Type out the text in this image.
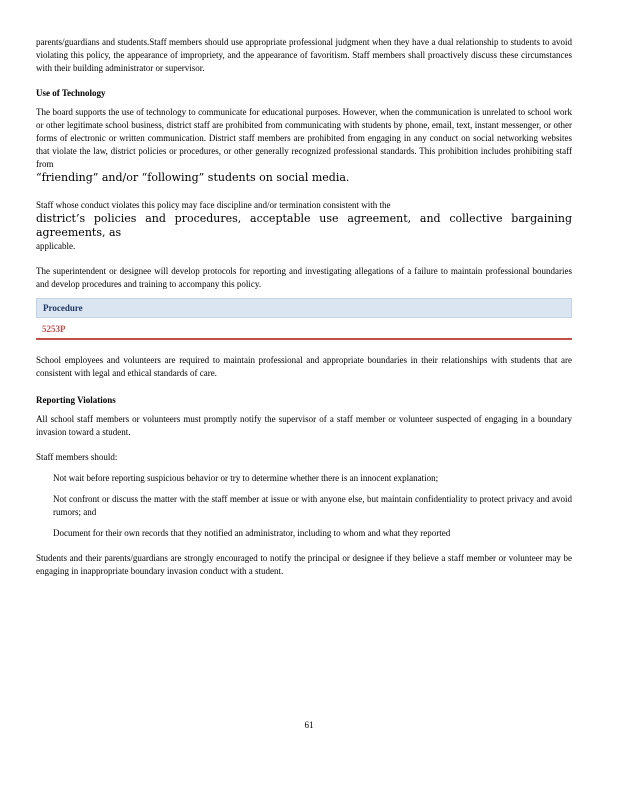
parents/guardians and students.Staff members should use appropriate professional judgment when they have a dual relationship to students to avoid violating this policy, the appearance of impropriety, and the appearance of favoritism. Staff members shall proactively discuss these circumstances with their building administrator or supervisor.

Use of Technology

The board supports the use of technology to communicate for educational purposes. However, when the communication is unrelated to school work or other legitimate school business, district staff are prohibited from communicating with students by phone, email, text, instant messenger, or other forms of electronic or written communication. District staff members are prohibited from engaging in any conduct on social networking websites that violate the law, district policies or procedures, or other generally recognized professional standards. This prohibition includes prohibiting staff from

“friending” and/or “following” students on social media.

Staff whose conduct violates this policy may face discipline and/or termination consistent with the

district’s policies and procedures, acceptable use agreement, and collective bargaining agreements, as

applicable.

The superintendent or designee will develop protocols for reporting and investigating allegations of a failure to maintain professional boundaries and develop procedures and training to accompany this policy.

Procedure
5253P

School employees and volunteers are required to maintain professional and appropriate boundaries in their relationships with students that are consistent with legal and ethical standards of care.

Reporting Violations

All school staff members or volunteers must promptly notify the supervisor of a staff member or volunteer suspected of engaging in a boundary invasion toward a student.

Staff members should:

Not wait before reporting suspicious behavior or try to determine whether there is an innocent explanation;

Not confront or discuss the matter with the staff member at issue or with anyone else, but maintain confidentiality to protect privacy and avoid rumors; and

Document for their own records that they notified an administrator, including to whom and what they reported

Students and their parents/guardians are strongly encouraged to notify the principal or designee if they believe a staff member or volunteer may be engaging in inappropriate boundary invasion conduct with a student.

61
